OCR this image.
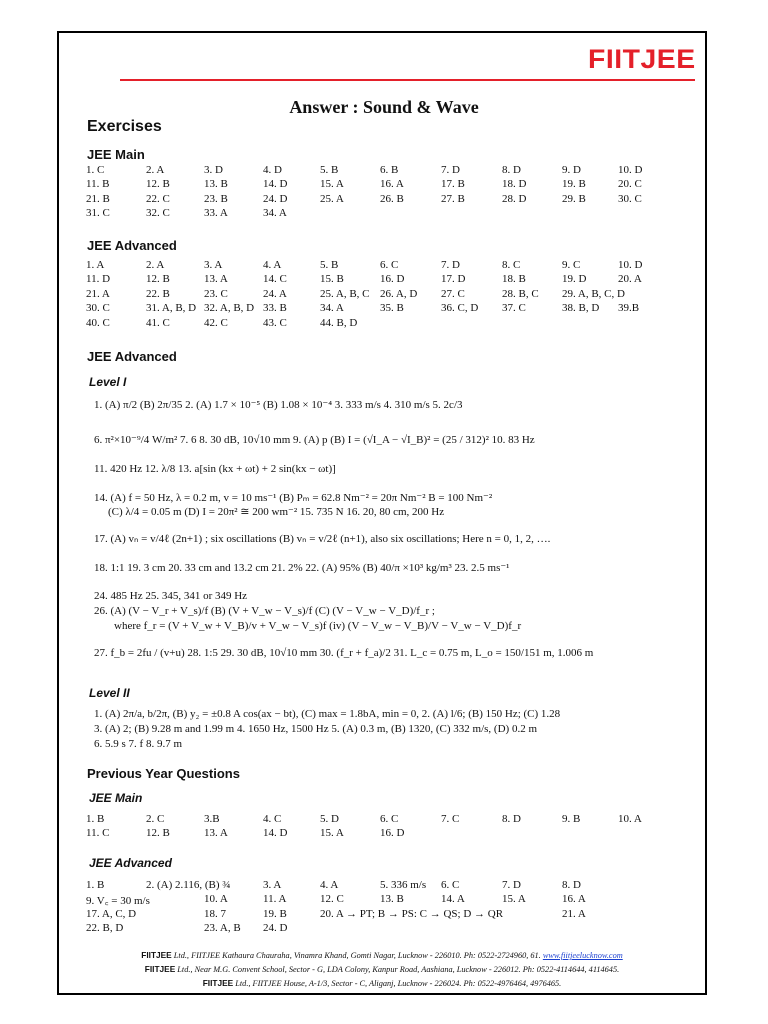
FIITJEE
Answer : Sound & Wave
Exercises
JEE Main
1. C	2. A	3. D	4. D	5. B	6. B	7. D	8. D	9. D	10. D
11. B	12. B	13. B	14. D	15. A	16. A	17. B	18. D	19. B	20. C
21. B	22. C	23. B	24. D	25. A	26. B	27. B	28. D	29. B	30. C
31. C	32. C	33. A	34. A
JEE Advanced
1. A	2. A	3. A	4. A	5. B	6. C	7. D	8. C	9. C	10. D
11. D	12. B	13. A	14. C	15. B	16. D	17. D	18. B	19. D	20. A
21. A	22. B	23. C	24. A	25. A, B, C 26. A, D 27. C	28. B, C 29. A, B, C, D
30. C	31. A, B, D 32. A, B, D 33. B	34. A	35. B	36. C, D 37. C	38. B, D 39.B
40. C	41. C	42. C	43. C	44. B, D
JEE Advanced
Level I
1. (A) π/2 (B) 2π/35 2. (A) 1.7 × 10⁻⁵ (B) 1.08 × 10⁻⁴ 3. 333 m/s 4. 310 m/s 5. 2c/3
6. π²×10⁻⁹/4 W/m² 7. 6 8. 30 dB, 10√10 mm 9. (A) p (B) I = (√I_A − √I_B)² = (25 / 312)² 10. 83 Hz
11. 420 Hz 12. λ/8 13. a[sin (kx + ωt) + 2 sin(kx − ωt)]
14. (A) f = 50 Hz, λ = 0.2 m, v = 10 ms⁻¹ (B) Pₘ = 62.8 Nm⁻² = 20π Nm⁻² B = 100 Nm⁻²
(C) λ/4 = 0.05 m (D) I = 20π² ≅ 200 wm⁻² 15. 735 N 16. 20, 80 cm, 200 Hz
17. (A) vₙ = v/4ℓ (2n+1) ; six oscillations (B) vₙ = v/2ℓ (n+1), also six oscillations; Here n = 0, 1, 2, ….
18. 1:1 19. 3 cm 20. 33 cm and 13.2 cm 21. 2% 22. (A) 95% (B) 40/π ×10³ kg/m³ 23. 2.5 ms⁻¹
24. 485 Hz 25. 345, 341 or 349 Hz
26. (A) (V − V_r + V_s)/f (B) (V + V_w − V_s)/f (C) (V − V_w − V_D)/f_r ;
where f_r = (V + V_w + V_B)/v + V_w − V_s)f (iv) (V − V_w − V_B)/V − V_w − V_D)f_r
27. f_b = 2fu / (v+u) 28. 1:5 29. 30 dB, 10√10 mm 30. (f_r + f_a)/2 31. L_c = 0.75 m, L_o = 150/151 m, 1.006 m
Level II
1. (A) 2π/a, b/2π, (B) y₂ = ±0.8 A cos(ax − bt), (C) max = 1.8bA, min = 0, 2. (A) l/6; (B) 150 Hz; (C) 1.28
3. (A) 2; (B) 9.28 m and 1.99 m 4. 1650 Hz, 1500 Hz 5. (A) 0.3 m, (B) 1320, (C) 332 m/s, (D) 0.2 m
6. 5.9 s 7. f 8. 9.7 m
Previous Year Questions
JEE Main
1. B	2. C	3.B	4. C	5. D	6. C	7. C	8. D	9. B	10. A
11. C	12. B	13. A	14. D	15. A	16. D
JEE Advanced
1. B	2. (A) 2.116, (B) ¾	3. A	4. A	5. 336 m/s 6. C	7. D	8. D
9. V꜀ = 30 m/s	10. A	11. A	12. C	13. B	14. A	15. A	16. A
17. A, C, D	18. 7	19. B	20. A → PT; B → PS: C → QS; D → QR	21. A
22. B, D	23. A, B 24. D
FIITJEE Ltd., FIITJEE Kathaura Chauraha, Vinamra Khand, Gomti Nagar, Lucknow - 226010. Ph: 0522-2724960, 61. www.fiitjeelucknow.com
FIITJEE Ltd., Near M.G. Convent School, Sector - G, LDA Colony, Kanpur Road, Aashiana, Lucknow - 226012. Ph: 0522-4114644, 4114645.
FIITJEE Ltd., FIITJEE House, A-1/3, Sector - C, Aliganj, Lucknow - 226024. Ph: 0522-4976464, 4976465.
